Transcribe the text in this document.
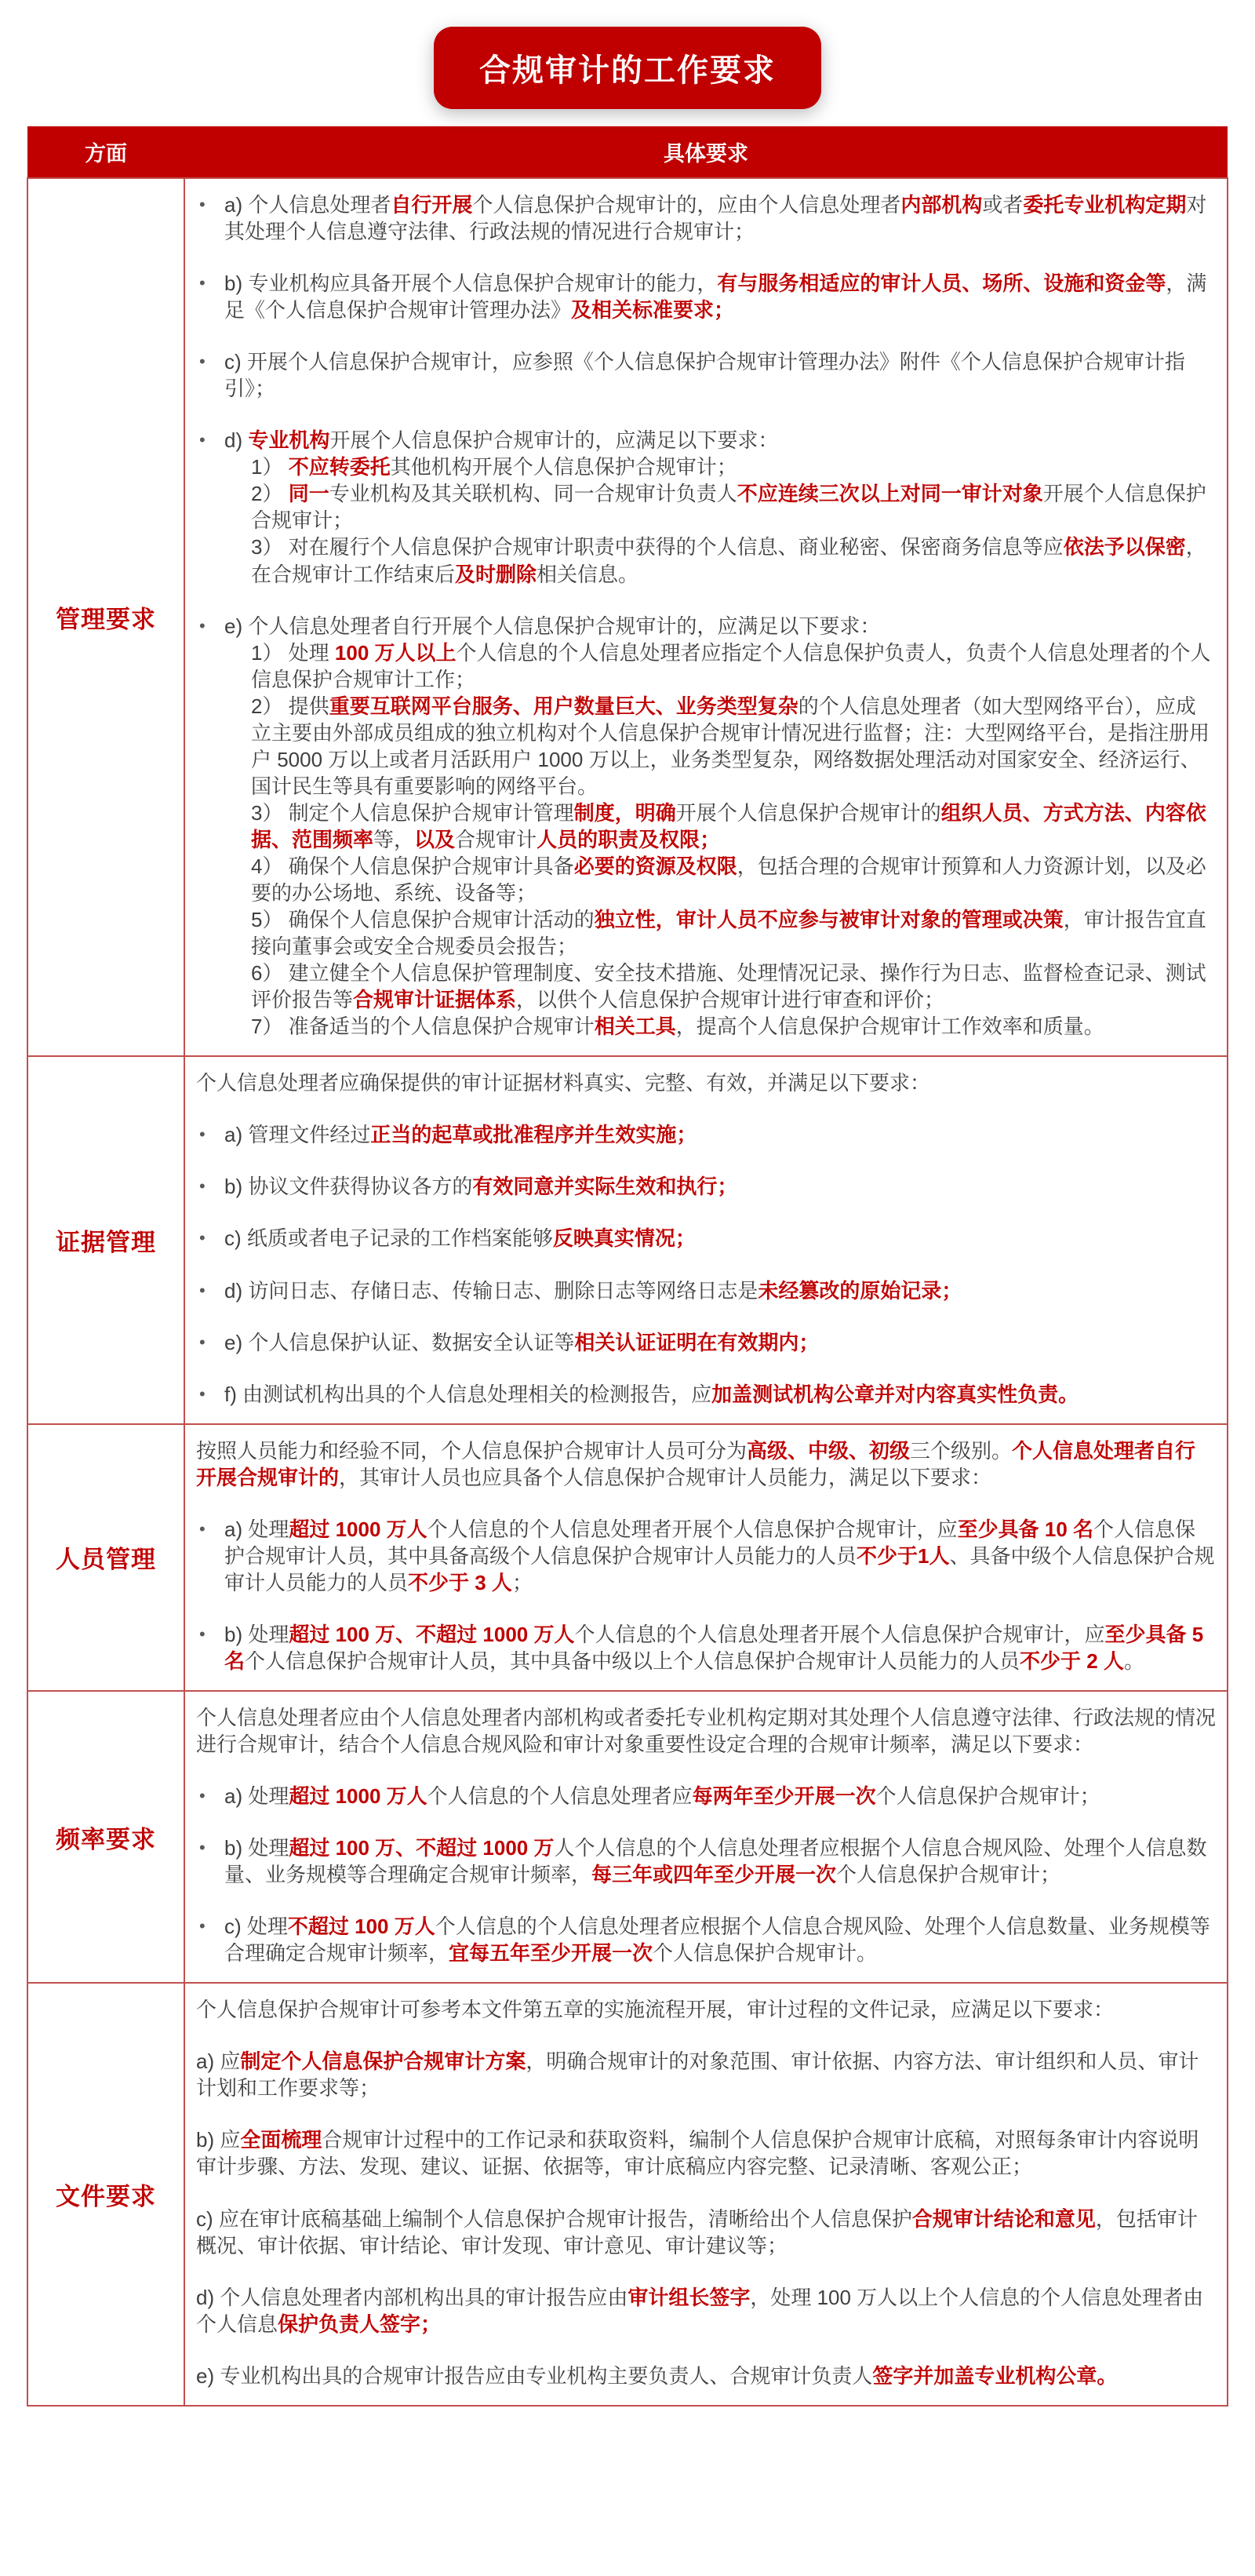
合规审计的工作要求
方面	具体要求
管理要求	
• a) 个人信息处理者自行开展个人信息保护合规审计的，应由个人信息处理者内部机构或者委托专业机构定期对其处理个人信息遵守法律、行政法规的情况进行合规审计；
• b) 专业机构应具备开展个人信息保护合规审计的能力，有与服务相适应的审计人员、场所、设施和资金等，满足《个人信息保护合规审计管理办法》及相关标准要求；
• c) 开展个人信息保护合规审计，应参照《个人信息保护合规审计管理办法》附件《个人信息保护合规审计指引》；
• d) 专业机构开展个人信息保护合规审计的，应满足以下要求：
1） 不应转委托其他机构开展个人信息保护合规审计；
2） 同一专业机构及其关联机构、同一合规审计负责人不应连续三次以上对同一审计对象开展个人信息保护合规审计；
3） 对在履行个人信息保护合规审计职责中获得的个人信息、商业秘密、保密商务信息等应依法予以保密，在合规审计工作结束后及时删除相关信息。
• e) 个人信息处理者自行开展个人信息保护合规审计的，应满足以下要求：
1） 处理 100 万人以上个人信息的个人信息处理者应指定个人信息保护负责人，负责个人信息处理者的个人信息保护合规审计工作；
2） 提供重要互联网平台服务、用户数量巨大、业务类型复杂的个人信息处理者（如大型网络平台），应成立主要由外部成员组成的独立机构对个人信息保护合规审计情况进行监督；注：大型网络平台，是指注册用户 5000 万以上或者月活跃用户 1000 万以上，业务类型复杂，网络数据处理活动对国家安全、经济运行、国计民生等具有重要影响的网络平台。
3） 制定个人信息保护合规审计管理制度，明确开展个人信息保护合规审计的组织人员、方式方法、内容依据、范围频率等，以及合规审计人员的职责及权限；
4） 确保个人信息保护合规审计具备必要的资源及权限，包括合理的合规审计预算和人力资源计划，以及必要的办公场地、系统、设备等；
5） 确保个人信息保护合规审计活动的独立性，审计人员不应参与被审计对象的管理或决策，审计报告宜直接向董事会或安全合规委员会报告；
6） 建立健全个人信息保护管理制度、安全技术措施、处理情况记录、操作行为日志、监督检查记录、测试评价报告等合规审计证据体系，以供个人信息保护合规审计进行审查和评价；
7） 准备适当的个人信息保护合规审计相关工具，提高个人信息保护合规审计工作效率和质量。

证据管理	
个人信息处理者应确保提供的审计证据材料真实、完整、有效，并满足以下要求：
• a) 管理文件经过正当的起草或批准程序并生效实施；
• b) 协议文件获得协议各方的有效同意并实际生效和执行；
• c) 纸质或者电子记录的工作档案能够反映真实情况；
• d) 访问日志、存储日志、传输日志、删除日志等网络日志是未经篡改的原始记录；
• e) 个人信息保护认证、数据安全认证等相关认证证明在有效期内；
• f) 由测试机构出具的个人信息处理相关的检测报告，应加盖测试机构公章并对内容真实性负责。

人员管理	按照人员能力和经验不同，个人信息保护合规审计人员可分为高级、中级、初级三个级别。个人信息处理者自行开展合规审计的，其审计人员也应具备个人信息保护合规审计人员能力，满足以下要求：
• a) 处理超过 1000 万人个人信息的个人信息处理者开展个人信息保护合规审计，应至少具备 10 名个人信息保护合规审计人员，其中具备高级个人信息保护合规审计人员能力的人员不少于1人、具备中级个人信息保护合规审计人员能力的人员不少于 3 人；
• b) 处理超过 100 万、不超过 1000 万人个人信息的个人信息处理者开展个人信息保护合规审计，应至少具备 5 名个人信息保护合规审计人员，其中具备中级以上个人信息保护合规审计人员能力的人员不少于 2 人。

频率要求	
个人信息处理者应由个人信息处理者内部机构或者委托专业机构定期对其处理个人信息遵守法律、行政法规的情况进行合规审计，结合个人信息合规风险和审计对象重要性设定合理的合规审计频率，满足以下要求：
• a) 处理超过 1000 万人个人信息的个人信息处理者应每两年至少开展一次个人信息保护合规审计；
• b) 处理超过 100 万、不超过 1000 万人个人信息的个人信息处理者应根据个人信息合规风险、处理个人信息数量、业务规模等合理确定合规审计频率，每三年或四年至少开展一次个人信息保护合规审计；
• c) 处理不超过 100 万人个人信息的个人信息处理者应根据个人信息合规风险、处理个人信息数量、业务规模等合理确定合规审计频率，宜每五年至少开展一次个人信息保护合规审计。

文件要求	
个人信息保护合规审计可参考本文件第五章的实施流程开展，审计过程的文件记录，应满足以下要求：
a) 应制定个人信息保护合规审计方案，明确合规审计的对象范围、审计依据、内容方法、审计组织和人员、审计计划和工作要求等；
b) 应全面梳理合规审计过程中的工作记录和获取资料，编制个人信息保护合规审计底稿，对照每条审计内容说明审计步骤、方法、发现、建议、证据、依据等，审计底稿应内容完整、记录清晰、客观公正；
c) 应在审计底稿基础上编制个人信息保护合规审计报告，清晰给出个人信息保护合规审计结论和意见，包括审计概况、审计依据、审计结论、审计发现、审计意见、审计建议等；
d) 个人信息处理者内部机构出具的审计报告应由审计组长签字，处理 100 万人以上个人信息的个人信息处理者由个人信息保护负责人签字；
e) 专业机构出具的合规审计报告应由专业机构主要负责人、合规审计负责人签字并加盖专业机构公章。
